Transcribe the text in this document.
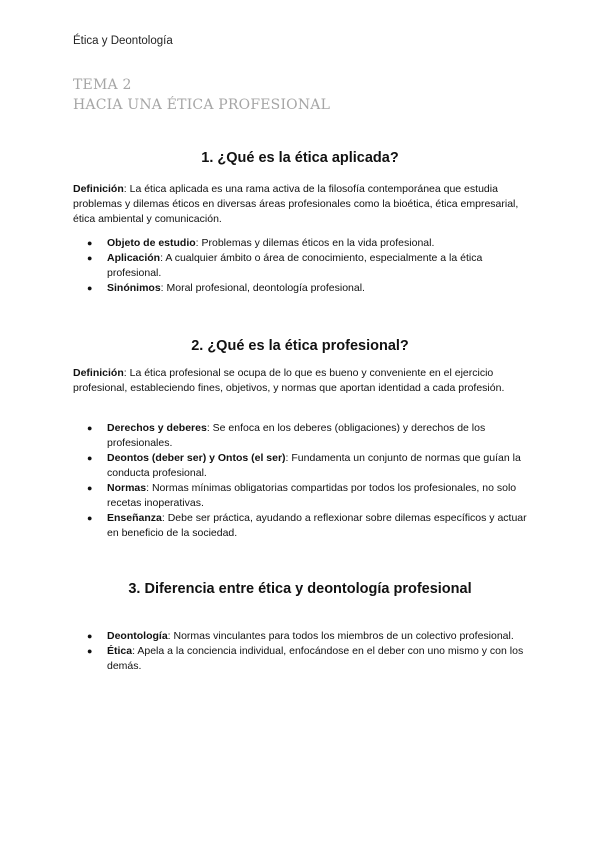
Ética y Deontología
TEMA 2
HACIA UNA ÉTICA PROFESIONAL
1. ¿Qué es la ética aplicada?
Definición: La ética aplicada es una rama activa de la filosofía contemporánea que estudia problemas y dilemas éticos en diversas áreas profesionales como la bioética, ética empresarial, ética ambiental y comunicación.
● Objeto de estudio: Problemas y dilemas éticos en la vida profesional.
● Aplicación: A cualquier ámbito o área de conocimiento, especialmente a la ética profesional.
● Sinónimos: Moral profesional, deontología profesional.
2. ¿Qué es la ética profesional?
Definición: La ética profesional se ocupa de lo que es bueno y conveniente en el ejercicio profesional, estableciendo fines, objetivos, y normas que aportan identidad a cada profesión.
● Derechos y deberes: Se enfoca en los deberes (obligaciones) y derechos de los profesionales.
● Deontos (deber ser) y Ontos (el ser): Fundamenta un conjunto de normas que guían la conducta profesional.
● Normas: Normas mínimas obligatorias compartidas por todos los profesionales, no solo recetas inoperativas.
● Enseñanza: Debe ser práctica, ayudando a reflexionar sobre dilemas específicos y actuar en beneficio de la sociedad.
3. Diferencia entre ética y deontología profesional
● Deontología: Normas vinculantes para todos los miembros de un colectivo profesional.
● Ética: Apela a la conciencia individual, enfocándose en el deber con uno mismo y con los demás.
